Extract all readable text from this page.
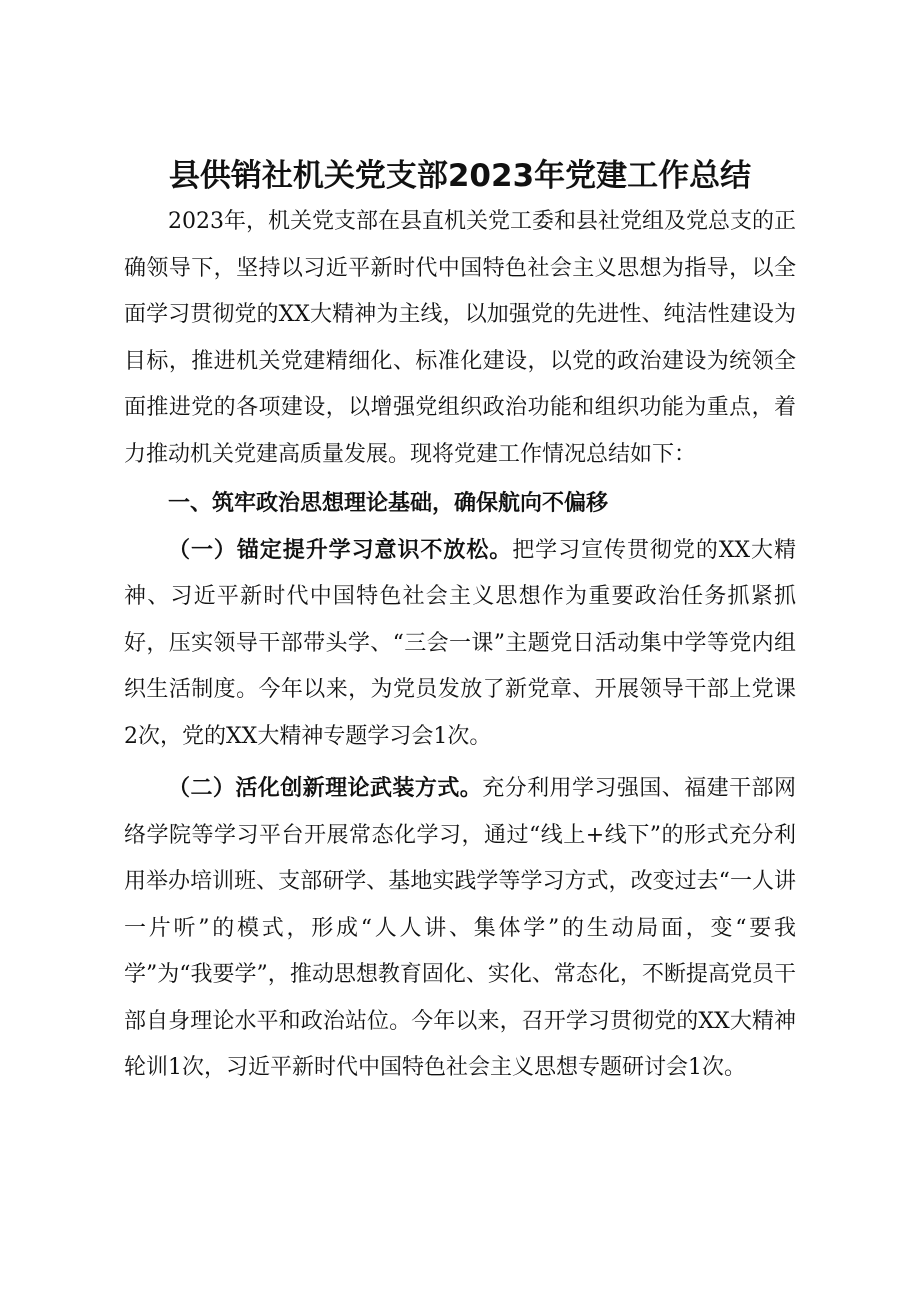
县供销社机关党支部2023年党建工作总结

2023年，机关党支部在县直机关党工委和县社党组及党总支的正确领导下，坚持以习近平新时代中国特色社会主义思想为指导，以全面学习贯彻党的XX大精神为主线，以加强党的先进性、纯洁性建设为目标，推进机关党建精细化、标准化建设，以党的政治建设为统领全面推进党的各项建设，以增强党组织政治功能和组织功能为重点，着力推动机关党建高质量发展。现将党建工作情况总结如下：

一、筑牢政治思想理论基础，确保航向不偏移

（一）锚定提升学习意识不放松。把学习宣传贯彻党的XX大精神、习近平新时代中国特色社会主义思想作为重要政治任务抓紧抓好，压实领导干部带头学、“三会一课”主题党日活动集中学等党内组织生活制度。今年以来，为党员发放了新党章、开展领导干部上党课2次，党的XX大精神专题学习会1次。

（二）活化创新理论武装方式。充分利用学习强国、福建干部网络学院等学习平台开展常态化学习，通过“线上+线下”的形式充分利用举办培训班、支部研学、基地实践学等学习方式，改变过去“一人讲一片听”的模式，形成“人人讲、集体学”的生动局面，变“要我学”为“我要学”，推动思想教育固化、实化、常态化，不断提高党员干部自身理论水平和政治站位。今年以来，召开学习贯彻党的XX大精神轮训1次，习近平新时代中国特色社会主义思想专题研讨会1次。
